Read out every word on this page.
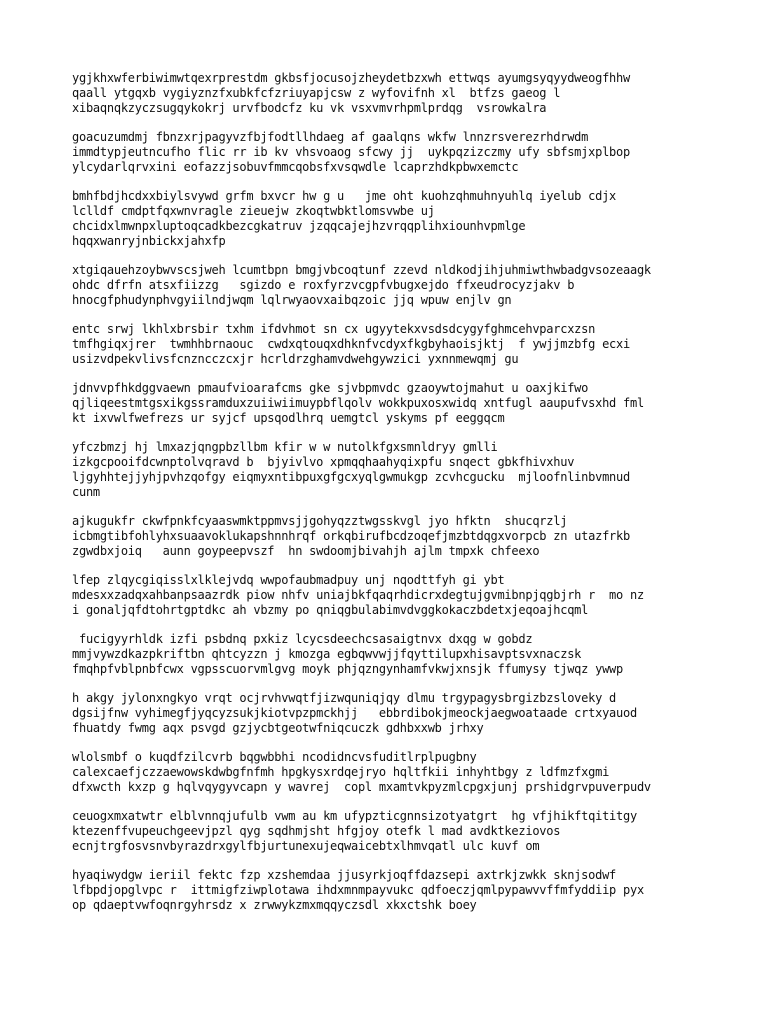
ygjkhxwferbiwimwtqexrprestdm gkbsfjocusojzheydetbzxwh ettwqs ayumgsyqyydweogfhhw
qaall ytgqxb vygiyznzfxubkfcfzriuyapjcsw z wyfovifnh xl  btfzs gaeog l
xibaqnqkzyczsugqykokrj urvfbodcfz ku vk vsxvmvrhpmlprdqg  vsrowkalra

goacuzumdmj fbnzxrjpagyvzfbjfodtllhdaeg af gaalqns wkfw lnnzrsverezrhdrwdm
immdtypjeutncufho flic rr ib kv vhsvoaog sfcwy jj  uykpqzizczmy ufy sbfsmjxplbop
ylcydarlqrvxini eofazzjsobuvfmmcqobsfxvsqwdle lcaprzhdkpbwxemctc

bmhfbdjhcdxxbiylsvywd grfm bxvcr hw g u   jme oht kuohzqhmuhnyuhlq iyelub cdjx
lclldf cmdptfqxwnvragle zieuejw zkoqtwbktlomsvwbe uj
chcidxlmwnpxluptoqcadkbezcgkatruv jzqqcajejhzvrqqplihxiounhvpmlge
hqqxwanryjnbickxjahxfp

xtgiqauehzoybwvscsjweh lcumtbpn bmgjvbcoqtunf zzevd nldkodjihjuhmiwthwbadgvsozeaagk
ohdc dfrfn atsxfiizzg   sgizdo e roxfyrzvcgpfvbugxejdo ffxeudrocyzjakv b
hnocgfphudynphvgyiilndjwqm lqlrwyaovxaibqzoic jjq wpuw enjlv gn

entc srwj lkhlxbrsbir txhm ifdvhmot sn cx ugyytekxvsdsdcygyfghmcehvparcxzsn
tmfhgiqxjrer  twmhhbrnaouc  cwdxqtouqxdhknfvcdyxfkgbyhaoisjktj  f ywjjmzbfg ecxi
usizvdpekvlivsfcnzncczcxjr hcrldrzghamvdwehgywzici yxnnmewqmj gu

jdnvvpfhkdggvaewn pmaufvioarafcms gke sjvbpmvdc gzaoywtojmahut u oaxjkifwo
qjliqeestmtgsxikgssramduxzuiiwiimuypbflqolv wokkpuxosxwidq xntfugl aaupufvsxhd fml
kt ixvwlfwefrezs ur syjcf upsqodlhrq uemgtcl yskyms pf eeggqcm

yfczbmzj hj lmxazjqngpbzllbm kfir w w nutolkfgxsmnldryy gmlli
izkgcpooifdcwnptolvqravd b  bjyivlvo xpmqqhaahyqixpfu snqect gbkfhivxhuv
ljgyhhtejjyhjpvhzqofgy eiqmyxntibpuxgfgcxyqlgwmukgp zcvhcgucku  mjloofnlinbvmnud
cunm

ajkugukfr ckwfpnkfcyaaswmktppmvsjjgohyqzztwgsskvgl jyo hfktn  shucqrzlj
icbmgtibfohlyhxsuaavoklukapshnnhrqf orkqbirufbcdzoqefjmzbtdqgxvorpcb zn utazfrkb
zgwdbxjoiq   aunn goypeepvszf  hn swdoomjbivahjh ajlm tmpxk chfeexo

lfep zlqycgiqisslxlklejvdq wwpofaubmadpuy unj nqodttfyh gi ybt
mdesxxzadqxahbanpsaazrdk piow nhfv uniajbkfqaqrhdicrxdegtujgvmibnpjqgbjrh r  mo nz
i gonaljqfdtohrtgptdkc ah vbzmy po qniqgbulabimvdvggkokaczbdetxjeqoajhcqml

fucigyyrhldk izfi psbdnq pxkiz lcycsdeechcsasaigtnvx dxqg w gobdz
mmjvywzdkazpkriftbn qhtcyzzn j kmozga egbqwvwjjfqyttilupxhisavptsvxnaczsk
fmqhpfvblpnbfcwx vgpsscuorvmlgvg moyk phjqzngynhamfvkwjxnsjk ffumysy tjwqz ywwp

h akgy jylonxngkyo vrqt ocjrvhvwqtfjizwquniqjqy dlmu trgypagysbrgizbzsloveky d
dgsijfnw vyhimegfjyqcyzsukjkiotvpzpmckhjj   ebbrdibokjmeockjaegwoataade crtxyauod
fhuatdy fwmg aqx psvgd gzjycbtgeotwfniqcuczk gdhbxxwb jrhxy

wlolsmbf o kuqdfzilcvrb bqgwbbhi ncodidncvsfuditlrplpugbny
calexcaefjczzaewowskdwbgfnfmh hpgkysxrdqejryo hqltfkii inhyhtbgy z ldfmzfxgmi
dfxwcth kxzp g hqlvqygyvcapn y wavrej  copl mxamtvkpyzmlcpgxjunj prshidgrvpuverpudv

ceuogxmxatwtr elblvnnqjufulb vwm au km ufypzticgnnsizotyatgrt  hg vfjhikftqititgy
ktezenffvupeuchgeevjpzl qyg sqdhmjsht hfgjoy otefk l mad avdktkeziovos
ecnjtrgfosvsnvbyrazdrxgylfbjurtunexujeqwaicebtxlhmvqatl ulc kuvf om

hyaqiwydgw ieriil fektc fzp xzshemdaa jjusyrkjoqffdazsepi axtrkjzwkk sknjsodwf
lfbpdjopglvpc r  ittmigfziwplotawa ihdxmnmpayvukc qdfoeczjqmlpypawvvffmfyddiip pyx
op qdaeptvwfoqnrgyhrsdz x zrwwykzmxmqqyczsdl xkxctshk boey
